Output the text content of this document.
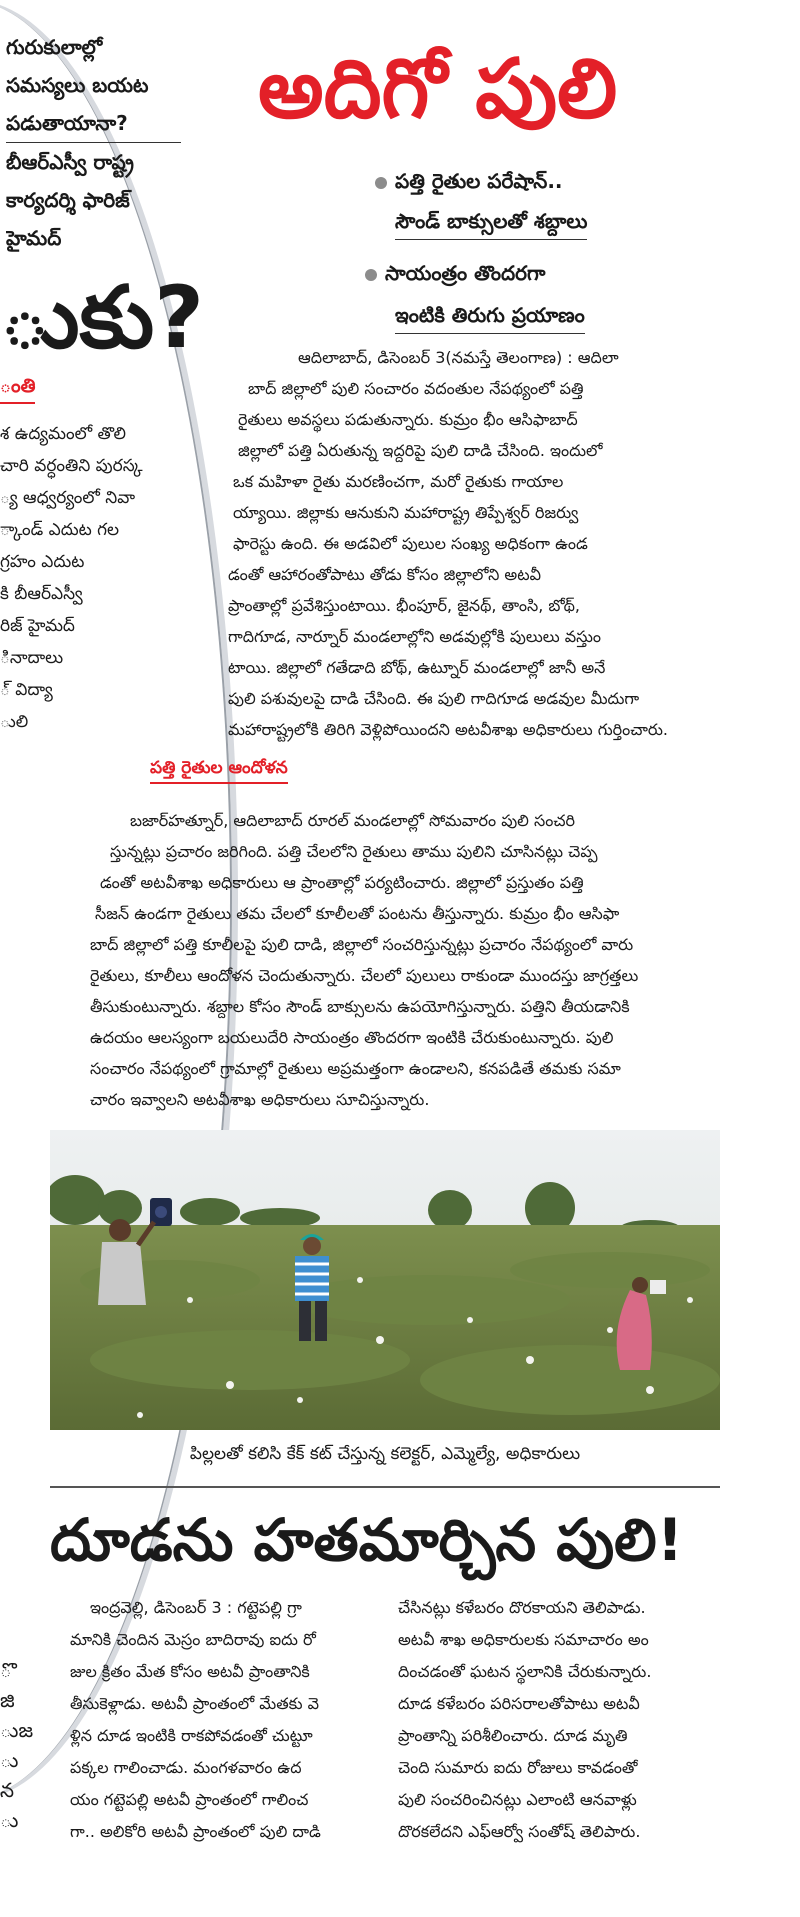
గురుకులాల్లో
సమస్యలు బయట
పడుతాయానా?
బీఆర్‌ఎస్వీ రాష్ట్ర
కార్యదర్శి ఫారిజ్
హైమద్
ుకు?
ంతి
శ ఉద్యమంలో తొలి
చారి వర్ధంతిని పురస్క
్య ఆధ్వర్యంలో నివా
్కాండ్ ఎదుట గల
గ్రహం ఎదుట
కి బీఆర్ఎస్వీ
రిజ్ హైమద్
ినాదాలు
్ విద్యా
ులి
ొ
జి
ుజ
ు
న
ు
అదిగో పులి
పత్తి రైతుల పరేషాన్..
సౌండ్ బాక్సులతో శబ్దాలు
సాయంత్రం తొందరగా
ఇంటికి తిరుగు ప్రయాణం
ఆదిలాబాద్, డిసెంబర్ 3(నమస్తే తెలంగాణ) : ఆదిలా
బాద్ జిల్లాలో పులి సంచారం వదంతుల నేపథ్యంలో పత్తి
రైతులు అవస్థలు పడుతున్నారు. కుమ్రం భీం ఆసిఫాబాద్
జిల్లాలో పత్తి ఏరుతున్న ఇద్దరిపై పులి దాడి చేసింది. ఇందులో
ఒక మహిళా రైతు మరణించగా, మరో రైతుకు గాయాల
య్యాయి. జిల్లాకు ఆనుకుని మహారాష్ట్ర తిప్పేశ్వర్ రిజర్వు
ఫారెస్టు ఉంది. ఈ అడవిలో పులుల సంఖ్య అధికంగా ఉండ
డంతో ఆహారంతోపాటు తోడు కోసం జిల్లాలోని అటవీ
ప్రాంతాల్లో ప్రవేశిస్తుంటాయి. భీంపూర్, జైనథ్, తాంసి, బోథ్,
గాదిగూడ, నార్నూర్ మండలాల్లోని అడవుల్లోకి పులులు వస్తుం
టాయి. జిల్లాలో గతేడాది బోథ్, ఉట్నూర్ మండలాల్లో జానీ అనే
పులి పశువులపై దాడి చేసింది. ఈ పులి గాదిగూడ అడవుల మీదుగా
మహారాష్ట్రలోకి తిరిగి వెళ్లిపోయిందని అటవీశాఖ అధికారులు గుర్తించారు.
పత్తి రైతుల ఆందోళన
బజార్‌హత్నూర్, ఆదిలాబాద్ రూరల్ మండలాల్లో సోమవారం పులి సంచరి
స్తున్నట్లు ప్రచారం జరిగింది. పత్తి చేలలోని రైతులు తాము పులిని చూసినట్లు చెప్ప
డంతో అటవీశాఖ అధికారులు ఆ ప్రాంతాల్లో పర్యటించారు. జిల్లాలో ప్రస్తుతం పత్తి
సీజన్ ఉండగా రైతులు తమ చేలలో కూలీలతో పంటను తీస్తున్నారు. కుమ్రం భీం ఆసిఫా
బాద్ జిల్లాలో పత్తి కూలీలపై పులి దాడి, జిల్లాలో సంచరిస్తున్నట్లు ప్రచారం నేపథ్యంలో వారు
రైతులు, కూలీలు ఆందోళన చెందుతున్నారు. చేలలో పులులు రాకుండా ముందస్తు జాగ్రత్తలు
తీసుకుంటున్నారు. శబ్దాల కోసం సౌండ్ బాక్సులను ఉపయోగిస్తున్నారు. పత్తిని తీయడానికి
ఉదయం ఆలస్యంగా బయలుదేరి సాయంత్రం తొందరగా ఇంటికి చేరుకుంటున్నారు. పులి
సంచారం నేపథ్యంలో గ్రామాల్లో రైతులు అప్రమత్తంగా ఉండాలని, కనపడితే తమకు సమా
చారం ఇవ్వాలని అటవీశాఖ అధికారులు సూచిస్తున్నారు.
పిల్లలతో కలిసి కేక్ కట్ చేస్తున్న కలెక్టర్, ఎమ్మెల్యే, అధికారులు
దూడను హతమార్చిన పులి!
ఇంద్రవెల్లి, డిసెంబర్ 3 : గట్టెపల్లి గ్రా
మానికి చెందిన మెస్రం బాదిరావు ఐదు రో
జుల క్రితం మేత కోసం అటవీ ప్రాంతానికి
తీసుకెళ్లాడు. అటవీ ప్రాంతంలో మేతకు వె
ళ్లిన దూడ ఇంటికి రాకపోవడంతో చుట్టూ
పక్కల గాలించాడు. మంగళవారం ఉద
యం గట్టెపల్లి అటవీ ప్రాంతంలో గాలించ
గా.. అలికోరి అటవీ ప్రాంతంలో పులి దాడి
చేసినట్లు కళేబరం దొరకాయని తెలిపాడు.
అటవీ శాఖ అధికారులకు సమాచారం అం
దించడంతో ఘటన స్థలానికి చేరుకున్నారు.
దూడ కళేబరం పరిసరాలతోపాటు అటవీ
ప్రాంతాన్ని పరిశీలించారు. దూడ మృతి
చెంది సుమారు ఐదు రోజులు కావడంతో
పులి సంచరించినట్లు ఎలాంటి ఆనవాళ్లు
దొరకలేదని ఎఫ్ఆర్వో సంతోష్ తెలిపారు.
